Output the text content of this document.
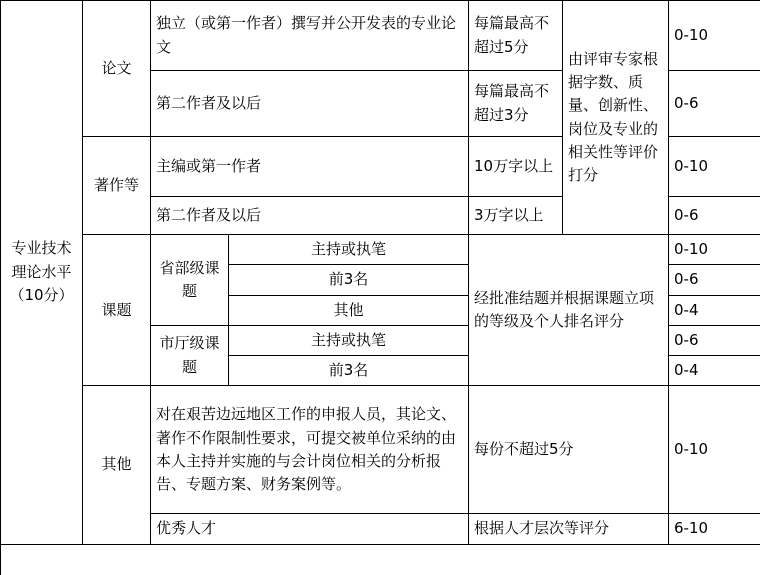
专业技术理论水平
（10分）	论文	独立（或第一作者）撰写并公开发表的专业论文		每篇最高不超过5分	由评审专家根据字数、质量、创新性、岗位及专业的相关性等评价打分	0-10
		第二作者及以后		每篇最高不超过3分		0-6
	著作等	主编或第一作者		10万字以上		0-10
		第二作者及以后		3万字以上		0-6
	课题	省部级课题	主持或执笔	经批准结题并根据课题立项的等级及个人排名评分		0-10
			前3名			0-6
			其他			0-4
		市厅级课题	主持或执笔			0-6
			前3名			0-4
	其他	对在艰苦边远地区工作的申报人员，其论文、著作不作限制性要求，可提交被单位采纳的由本人主持并实施的与会计岗位相关的分析报告、专题方案、财务案例等。		每份不超过5分		0-10
		优秀人才		根据人才层次等评分		6-10
